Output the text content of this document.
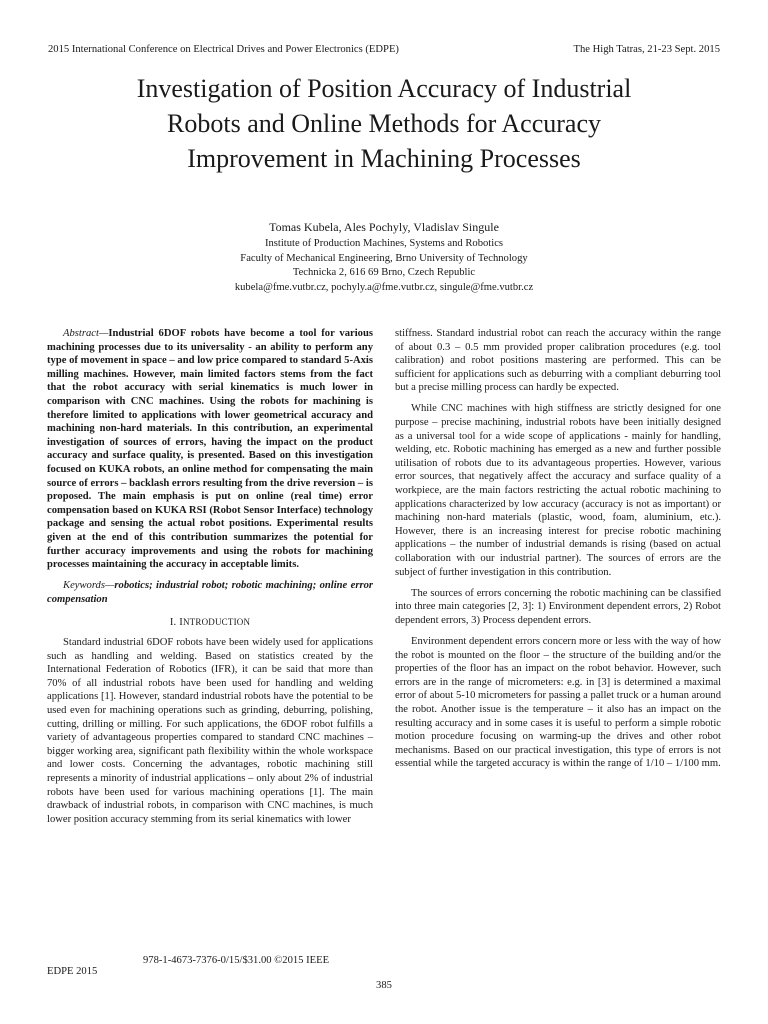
2015 International Conference on Electrical Drives and Power Electronics (EDPE)	The High Tatras, 21-23 Sept. 2015
Investigation of Position Accuracy of Industrial
Robots and Online Methods for Accuracy
Improvement in Machining Processes
Tomas Kubela, Ales Pochyly, Vladislav Singule
Institute of Production Machines, Systems and Robotics
Faculty of Mechanical Engineering, Brno University of Technology
Technicka 2, 616 69 Brno, Czech Republic
kubela@fme.vutbr.cz, pochyly.a@fme.vutbr.cz, singule@fme.vutbr.cz

Abstract—Industrial 6DOF robots have become a tool for various machining processes due to its universality - an ability to perform any type of movement in space – and low price compared to standard 5-Axis milling machines. However, main limited factors stems from the fact that the robot accuracy with serial kinematics is much lower in comparison with CNC machines. Using the robots for machining is therefore limited to applications with lower geometrical accuracy and machining non-hard materials. In this contribution, an experimental investigation of sources of errors, having the impact on the product accuracy and surface quality, is presented. Based on this investigation focused on KUKA robots, an online method for compensating the main source of errors – backlash errors resulting from the drive reversion – is proposed. The main emphasis is put on online (real time) error compensation based on KUKA RSI (Robot Sensor Interface) technology package and sensing the actual robot positions. Experimental results given at the end of this contribution summarizes the potential for further accuracy improvements and using the robots for machining processes maintaining the accuracy in acceptable limits.

Keywords—robotics; industrial robot; robotic machining; online error compensation

I. INTRODUCTION

Standard industrial 6DOF robots have been widely used for applications such as handling and welding. Based on statistics created by the International Federation of Robotics (IFR), it can be said that more than 70% of all industrial robots have been used for handling and welding applications [1]. However, standard industrial robots have the potential to be used even for machining operations such as grinding, deburring, polishing, cutting, drilling or milling. For such applications, the 6DOF robot fulfills a variety of advantageous properties compared to standard CNC machines – bigger working area, significant path flexibility within the whole workspace and lower costs. Concerning the advantages, robotic machining still represents a minority of industrial applications – only about 2% of industrial robots have been used for various machining operations [1]. The main drawback of industrial robots, in comparison with CNC machines, is much lower position accuracy stemming from its serial kinematics with lower

stiffness. Standard industrial robot can reach the accuracy within the range of about 0.3 – 0.5 mm provided proper calibration procedures (e.g. tool calibration) and robot positions mastering are performed. This can be sufficient for applications such as deburring with a compliant deburring tool but a precise milling process can hardly be expected.

While CNC machines with high stiffness are strictly designed for one purpose – precise machining, industrial robots have been initially designed as a universal tool for a wide scope of applications - mainly for handling, welding, etc. Robotic machining has emerged as a new and further possible utilisation of robots due to its advantageous properties. However, various error sources, that negatively affect the accuracy and surface quality of a workpiece, are the main factors restricting the actual robotic machining to applications characterized by low accuracy (accuracy is not as important) or machining non-hard materials (plastic, wood, foam, aluminium, etc.). However, there is an increasing interest for precise robotic machining applications – the number of industrial demands is rising (based on actual collaboration with our industrial partner). The sources of errors are the subject of further investigation in this contribution.

The sources of errors concerning the robotic machining can be classified into three main categories [2, 3]: 1) Environment dependent errors, 2) Robot dependent errors, 3) Process dependent errors.

Environment dependent errors concern more or less with the way of how the robot is mounted on the floor – the structure of the building and/or the properties of the floor has an impact on the robot behavior. However, such errors are in the range of micrometers: e.g. in [3] is determined a maximal error of about 5-10 micrometers for passing a pallet truck or a human around the robot. Another issue is the temperature – it also has an impact on the resulting accuracy and in some cases it is useful to perform a simple robotic motion procedure focusing on warming-up the drives and other robot mechanisms. Based on our practical investigation, this type of errors is not essential while the targeted accuracy is within the range of 1/10 – 1/100 mm.

978-1-4673-7376-0/15/$31.00 ©2015 IEEE
EDPE 2015
385
